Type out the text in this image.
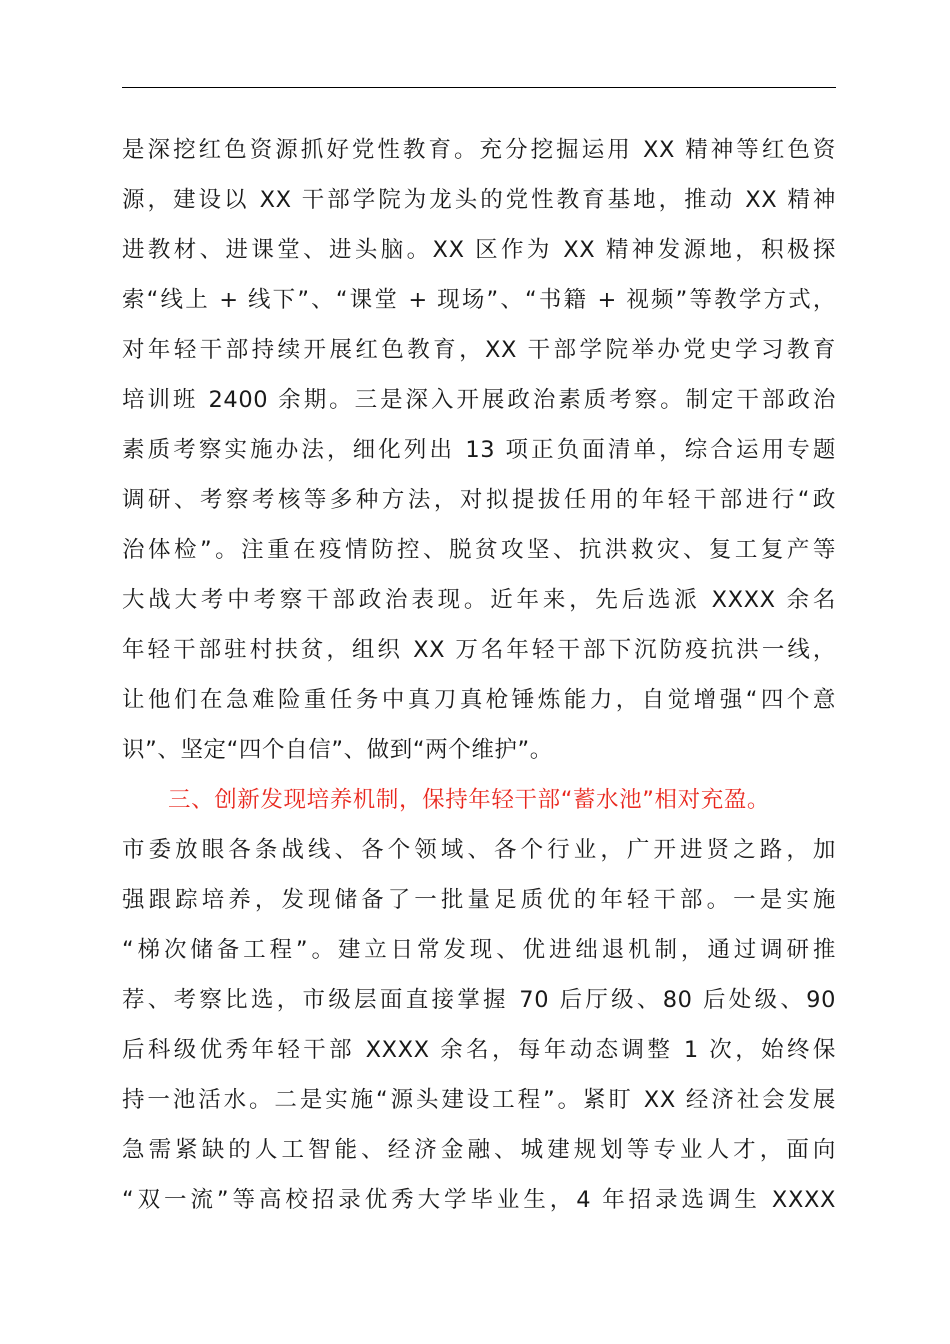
是深挖红色资源抓好党性教育。充分挖掘运用 XX 精神等红色资
源，建设以 XX 干部学院为龙头的党性教育基地，推动 XX 精神
进教材、进课堂、进头脑。XX 区作为 XX 精神发源地，积极探
索“线上 + 线下”、“课堂 + 现场”、“书籍 + 视频”等教学方式，
对年轻干部持续开展红色教育，XX 干部学院举办党史学习教育
培训班 2400 余期。三是深入开展政治素质考察。制定干部政治
素质考察实施办法，细化列出 13 项正负面清单，综合运用专题
调研、考察考核等多种方法，对拟提拔任用的年轻干部进行“政
治体检”。注重在疫情防控、脱贫攻坚、抗洪救灾、复工复产等
大战大考中考察干部政治表现。近年来，先后选派 XXXX 余名
年轻干部驻村扶贫，组织 XX 万名年轻干部下沉防疫抗洪一线，
让他们在急难险重任务中真刀真枪锤炼能力，自觉增强“四个意
识”、坚定“四个自信”、做到“两个维护”。
三、创新发现培养机制，保持年轻干部“蓄水池”相对充盈。
市委放眼各条战线、各个领域、各个行业，广开进贤之路，加
强跟踪培养，发现储备了一批量足质优的年轻干部。一是实施
“梯次储备工程”。建立日常发现、优进绌退机制，通过调研推
荐、考察比选，市级层面直接掌握 70 后厅级、80 后处级、90
后科级优秀年轻干部 XXXX 余名，每年动态调整 1 次，始终保
持一池活水。二是实施“源头建设工程”。紧盯 XX 经济社会发展
急需紧缺的人工智能、经济金融、城建规划等专业人才，面向
“双一流”等高校招录优秀大学毕业生，4 年招录选调生 XXXX
